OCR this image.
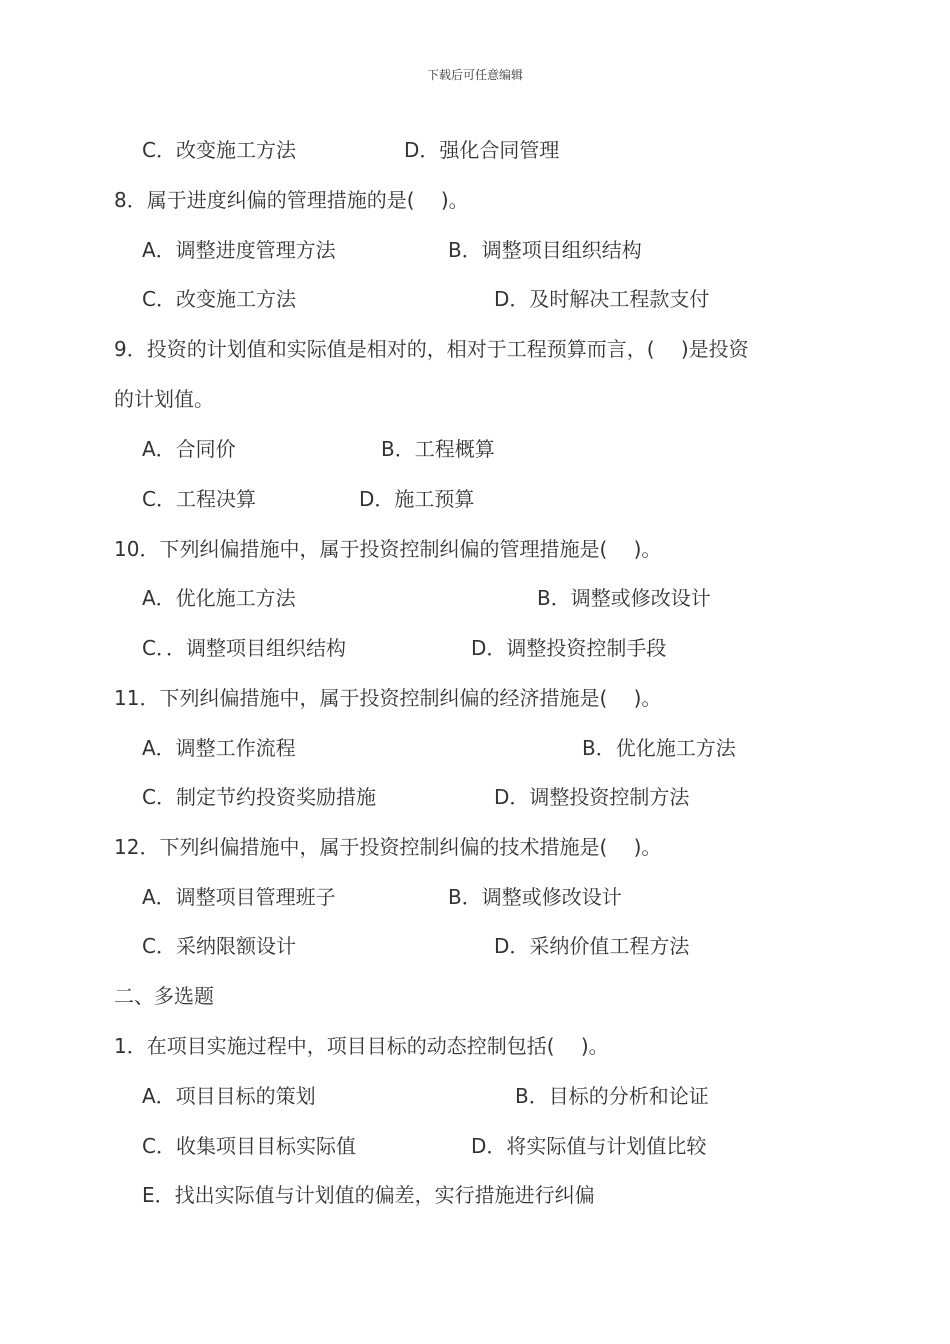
下载后可任意编辑
C．改变施工方法	D．强化合同管理
8．属于进度纠偏的管理措施的是(　 )。
A．调整进度管理方法	B．调整项目组织结构
C．改变施工方法	D．及时解决工程款支付
9．投资的计划值和实际值是相对的，相对于工程预算而言，(　 )是投资
的计划值。
A．合同价	B．工程概算
C．工程决算	D．施工预算
10．下列纠偏措施中，属于投资控制纠偏的管理措施是(　 )。
A．优化施工方法	B．调整或修改设计
C．．调整项目组织结构	D．调整投资控制手段
11．下列纠偏措施中，属于投资控制纠偏的经济措施是(　 )。
A．调整工作流程	B．优化施工方法
C．制定节约投资奖励措施	D．调整投资控制方法
12．下列纠偏措施中，属于投资控制纠偏的技术措施是(　 )。
A．调整项目管理班子	B．调整或修改设计
C．采纳限额设计	D．采纳价值工程方法
二、多选题
1．在项目实施过程中，项目目标的动态控制包括(　 )。
A．项目目标的策划	B．目标的分析和论证
C．收集项目目标实际值	D．将实际值与计划值比较
E．找出实际值与计划值的偏差，实行措施进行纠偏
